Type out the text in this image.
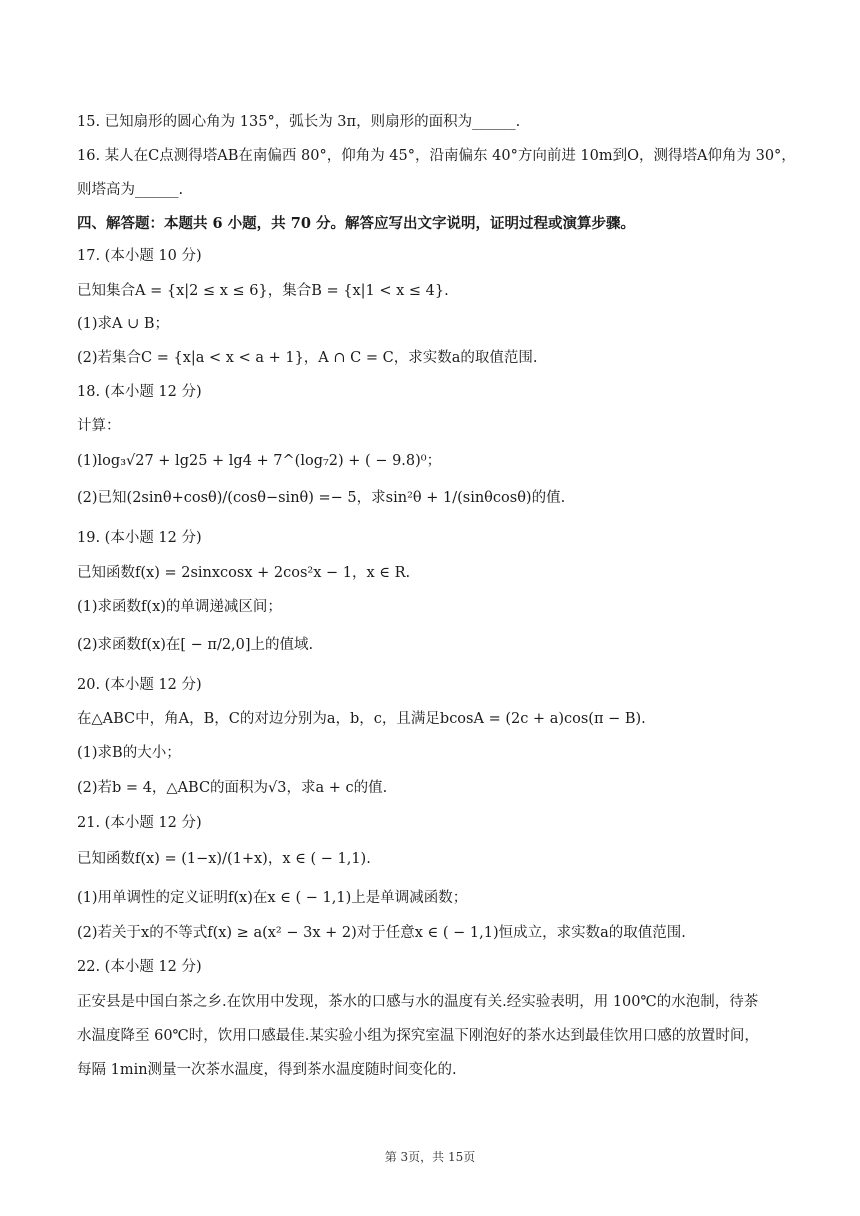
15. 已知扇形的圆心角为 135°，弧长为 3π，则扇形的面积为______.
16. 某人在C点测得塔AB在南偏西 80°，仰角为 45°，沿南偏东 40°方向前进 10m到O，测得塔A仰角为 30°，
则塔高为______.
四、解答题：本题共 6 小题，共 70 分。解答应写出文字说明，证明过程或演算步骤。
17. (本小题 10 分)
已知集合A = {x|2 ≤ x ≤ 6}，集合B = {x|1 < x ≤ 4}.
(1)求A ∪ B；
(2)若集合C = {x|a < x < a + 1}，A ∩ C = C，求实数a的取值范围.
18. (本小题 12 分)
计算：
(1)log₃√27 + lg25 + lg4 + 7^(log₇2) + ( − 9.8)⁰；
(2)已知(2sinθ+cosθ)/(cosθ−sinθ) =− 5，求sin²θ + 1/(sinθcosθ)的值.
19. (本小题 12 分)
已知函数f(x) = 2sinxcosx + 2cos²x − 1，x ∈ R.
(1)求函数f(x)的单调递减区间；
(2)求函数f(x)在[ − π/2,0]上的值域.
20. (本小题 12 分)
在△ABC中，角A，B，C的对边分别为a，b，c，且满足bcosA = (2c + a)cos(π − B).
(1)求B的大小；
(2)若b = 4，△ABC的面积为√3，求a + c的值.
21. (本小题 12 分)
已知函数f(x) = (1−x)/(1+x)，x ∈ ( − 1,1).
(1)用单调性的定义证明f(x)在x ∈ ( − 1,1)上是单调减函数；
(2)若关于x的不等式f(x) ≥ a(x² − 3x + 2)对于任意x ∈ ( − 1,1)恒成立，求实数a的取值范围.
22. (本小题 12 分)
正安县是中国白茶之乡.在饮用中发现，茶水的口感与水的温度有关.经实验表明，用 100℃的水泡制，待茶
水温度降至 60℃时，饮用口感最佳.某实验小组为探究室温下刚泡好的茶水达到最佳饮用口感的放置时间，
每隔 1min测量一次茶水温度，得到茶水温度随时间变化的.
第 3页，共 15页
